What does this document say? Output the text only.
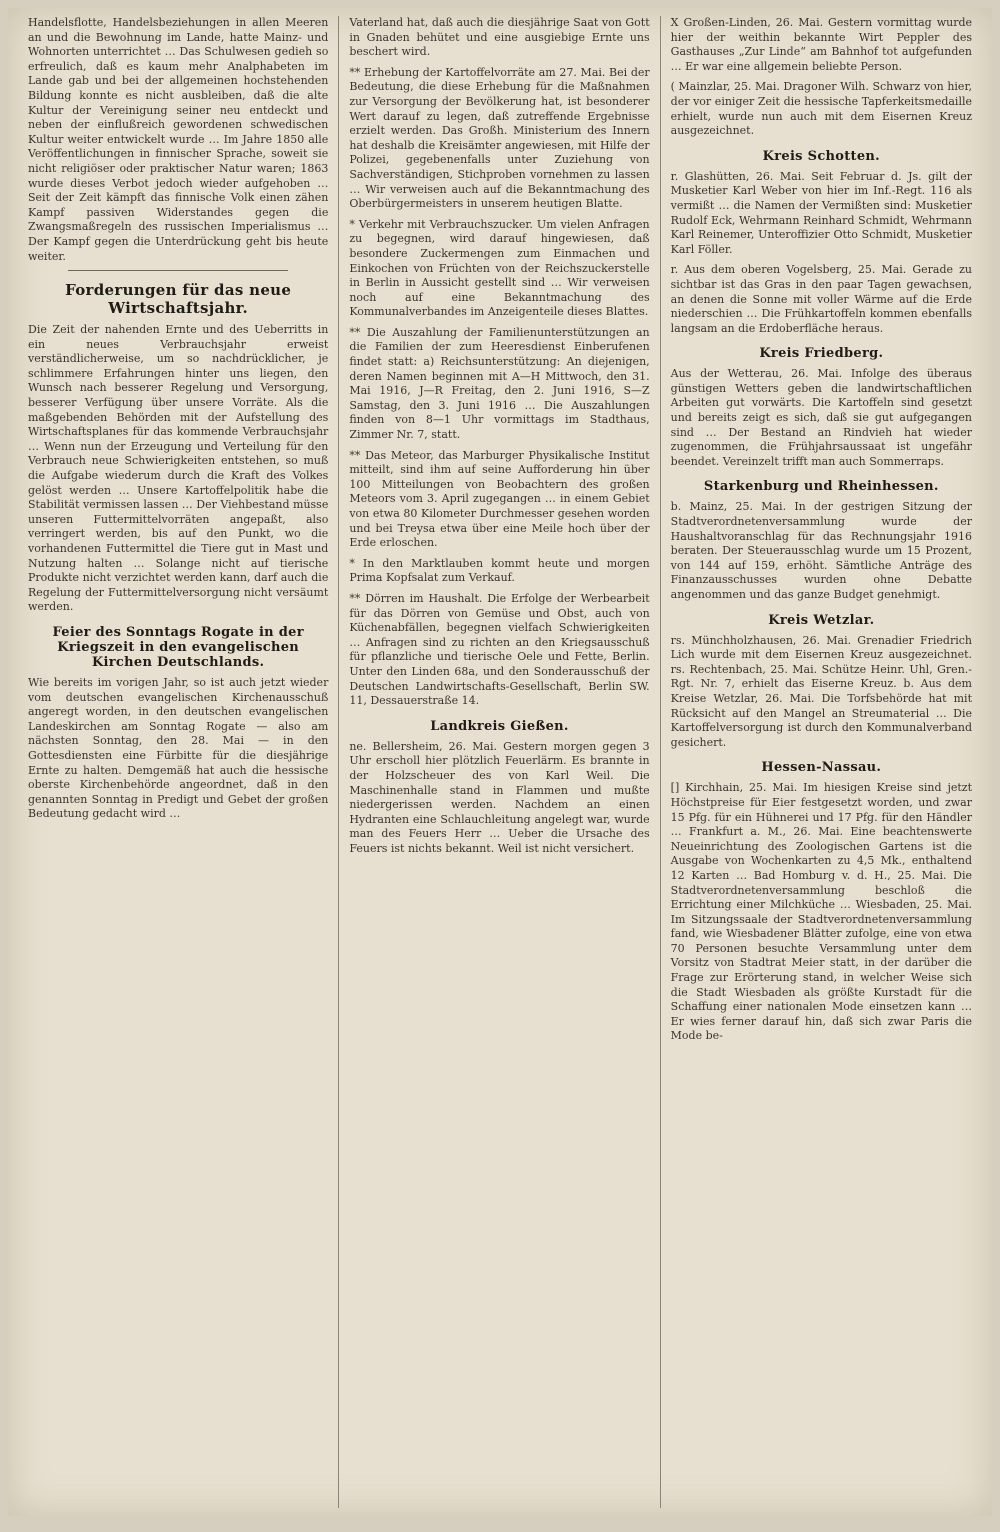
Handelsflotte, Handelsbeziehungen in allen Meeren an und die Bewohnung im Lande, hatte Mainz- und Wohnorten unterrichtet … Das Schulwesen gedieh so erfreulich, daß es kaum mehr Analphabeten im Lande gab und bei der allgemeinen hochstehenden Bildung konnte es nicht ausbleiben, daß die alte Kultur der Vereinigung seiner neu entdeckt und neben der einflußreich gewordenen schwedischen Kultur weiter entwickelt wurde … Im Jahre 1850 alle Veröffentlichungen in finnischer Sprache, soweit sie nicht religiöser oder praktischer Natur waren; 1863 wurde dieses Verbot jedoch wieder aufgehoben … Seit der Zeit kämpft das finnische Volk einen zähen Kampf passiven Widerstandes gegen die Zwangsmaßregeln des russischen Imperialismus … Der Kampf gegen die Unterdrückung geht bis heute weiter.
Forderungen für das neue Wirtschaftsjahr.
Die Zeit der nahenden Ernte und des Ueberritts in ein neues Verbrauchsjahr erweist verständlicherweise, um so nachdrücklicher, je schlimmere Erfahrungen hinter uns liegen, den Wunsch nach besserer Regelung und Versorgung, besserer Verfügung über unsere Vorräte. Als die maßgebenden Behörden mit der Aufstellung des Wirtschaftsplanes für das kommende Verbrauchsjahr … Wenn nun der Erzeugung und Verteilung für den Verbrauch neue Schwierigkeiten entstehen, so muß die Aufgabe wiederum durch die Kraft des Volkes gelöst werden … Unsere Kartoffelpolitik habe die Stabilität vermissen lassen … Der Viehbestand müsse unseren Futtermittelvorräten angepaßt, also verringert werden, bis auf den Punkt, wo die vorhandenen Futtermittel die Tiere gut in Mast und Nutzung halten … Solange nicht auf tierische Produkte nicht verzichtet werden kann, darf auch die Regelung der Futtermittelversorgung nicht versäumt werden.
Feier des Sonntags Rogate in der Kriegszeit in den evangelischen Kirchen Deutschlands.
Wie bereits im vorigen Jahr, so ist auch jetzt wieder vom deutschen evangelischen Kirchenausschuß angeregt worden, in den deutschen evangelischen Landeskirchen am Sonntag Rogate — also am nächsten Sonntag, den 28. Mai — in den Gottesdiensten eine Fürbitte für die diesjährige Ernte zu halten. Demgemäß hat auch die hessische oberste Kirchenbehörde angeordnet, daß in den genannten Sonntag in Predigt und Gebet der großen Bedeutung gedacht wird …
Vaterland hat, daß auch die diesjährige Saat von Gott in Gnaden behütet und eine ausgiebige Ernte uns beschert wird.
** Erhebung der Kartoffelvorräte am 27. Mai. Bei der Bedeutung, die diese Erhebung für die Maßnahmen zur Versorgung der Bevölkerung hat, ist besonderer Wert darauf zu legen, daß zutreffende Ergebnisse erzielt werden. Das Großh. Ministerium des Innern hat deshalb die Kreisämter angewiesen, mit Hilfe der Polizei, gegebenenfalls unter Zuziehung von Sachverständigen, Stichproben vornehmen zu lassen … Wir verweisen auch auf die Bekanntmachung des Oberbürgermeisters in unserem heutigen Blatte.
* Verkehr mit Verbrauchszucker. Um vielen Anfragen zu begegnen, wird darauf hingewiesen, daß besondere Zuckermengen zum Einmachen und Einkochen von Früchten von der Reichszuckerstelle in Berlin in Aussicht gestellt sind … Wir verweisen noch auf eine Bekanntmachung des Kommunalverbandes im Anzeigenteile dieses Blattes.
** Die Auszahlung der Familienunterstützungen an die Familien der zum Heeresdienst Einberufenen findet statt: a) Reichsunterstützung: An diejenigen, deren Namen beginnen mit A—H Mittwoch, den 31. Mai 1916, J—R Freitag, den 2. Juni 1916, S—Z Samstag, den 3. Juni 1916 … Die Auszahlungen finden von 8—1 Uhr vormittags im Stadthaus, Zimmer Nr. 7, statt.
** Das Meteor, das Marburger Physikalische Institut mitteilt, sind ihm auf seine Aufforderung hin über 100 Mitteilungen von Beobachtern des großen Meteors vom 3. April zugegangen … in einem Gebiet von etwa 80 Kilometer Durchmesser gesehen worden und bei Treysa etwa über eine Meile hoch über der Erde erloschen.
* In den Marktlauben kommt heute und morgen Prima Kopfsalat zum Verkauf.
** Dörren im Haushalt. Die Erfolge der Werbearbeit für das Dörren von Gemüse und Obst, auch von Küchenabfällen, begegnen vielfach Schwierigkeiten … Anfragen sind zu richten an den Kriegsausschuß für pflanzliche und tierische Oele und Fette, Berlin. Unter den Linden 68a, und den Sonderausschuß der Deutschen Landwirtschafts-Gesellschaft, Berlin SW. 11, Dessauerstraße 14.
Landkreis Gießen.
ne. Bellersheim, 26. Mai. Gestern morgen gegen 3 Uhr erscholl hier plötzlich Feuerlärm. Es brannte in der Holzscheuer des von Karl Weil. Die Maschinenhalle stand in Flammen und mußte niedergerissen werden. Nachdem an einen Hydranten eine Schlauchleitung angelegt war, wurde man des Feuers Herr … Ueber die Ursache des Feuers ist nichts bekannt. Weil ist nicht versichert.
X Großen-Linden, 26. Mai. Gestern vormittag wurde hier der weithin bekannte Wirt Peppler des Gasthauses „Zur Linde“ am Bahnhof tot aufgefunden … Er war eine allgemein beliebte Person.
( Mainzlar, 25. Mai. Dragoner Wilh. Schwarz von hier, der vor einiger Zeit die hessische Tapferkeitsmedaille erhielt, wurde nun auch mit dem Eisernen Kreuz ausgezeichnet.
Kreis Schotten.
r. Glashütten, 26. Mai. Seit Februar d. Js. gilt der Musketier Karl Weber von hier im Inf.-Regt. 116 als vermißt … die Namen der Vermißten sind: Musketier Rudolf Eck, Wehrmann Reinhard Schmidt, Wehrmann Karl Reinemer, Unteroffizier Otto Schmidt, Musketier Karl Föller.
r. Aus dem oberen Vogelsberg, 25. Mai. Gerade zu sichtbar ist das Gras in den paar Tagen gewachsen, an denen die Sonne mit voller Wärme auf die Erde niederschien … Die Frühkartoffeln kommen ebenfalls langsam an die Erdoberfläche heraus.
Kreis Friedberg.
Aus der Wetterau, 26. Mai. Infolge des überaus günstigen Wetters geben die landwirtschaftlichen Arbeiten gut vorwärts. Die Kartoffeln sind gesetzt und bereits zeigt es sich, daß sie gut aufgegangen sind … Der Bestand an Rindvieh hat wieder zugenommen, die Frühjahrsaussaat ist ungefähr beendet. Vereinzelt trifft man auch Sommerraps.
Starkenburg und Rheinhessen.
b. Mainz, 25. Mai. In der gestrigen Sitzung der Stadtverordnetenversammlung wurde der Haushaltvoranschlag für das Rechnungsjahr 1916 beraten. Der Steuerausschlag wurde um 15 Prozent, von 144 auf 159, erhöht. Sämtliche Anträge des Finanzausschusses wurden ohne Debatte angenommen und das ganze Budget genehmigt.
Kreis Wetzlar.
rs. Münchholzhausen, 26. Mai. Grenadier Friedrich Lich wurde mit dem Eisernen Kreuz ausgezeichnet. rs. Rechtenbach, 25. Mai. Schütze Heinr. Uhl, Gren.-Rgt. Nr. 7, erhielt das Eiserne Kreuz. b. Aus dem Kreise Wetzlar, 26. Mai. Die Torfsbehörde hat mit Rücksicht auf den Mangel an Streumaterial … Die Kartoffelversorgung ist durch den Kommunalverband gesichert.
Hessen-Nassau.
[] Kirchhain, 25. Mai. Im hiesigen Kreise sind jetzt Höchstpreise für Eier festgesetzt worden, und zwar 15 Pfg. für ein Hühnerei und 17 Pfg. für den Händler … Frankfurt a. M., 26. Mai. Eine beachtenswerte Neueinrichtung des Zoologischen Gartens ist die Ausgabe von Wochenkarten zu 4,5 Mk., enthaltend 12 Karten … Bad Homburg v. d. H., 25. Mai. Die Stadtverordnetenversammlung beschloß die Errichtung einer Milchküche … Wiesbaden, 25. Mai. Im Sitzungssaale der Stadtverordnetenversammlung fand, wie Wiesbadener Blätter zufolge, eine von etwa 70 Personen besuchte Versammlung unter dem Vorsitz von Stadtrat Meier statt, in der darüber die Frage zur Erörterung stand, in welcher Weise sich die Stadt Wiesbaden als größte Kurstadt für die Schaffung einer nationalen Mode einsetzen kann … Er wies ferner darauf hin, daß sich zwar Paris die Mode be-
